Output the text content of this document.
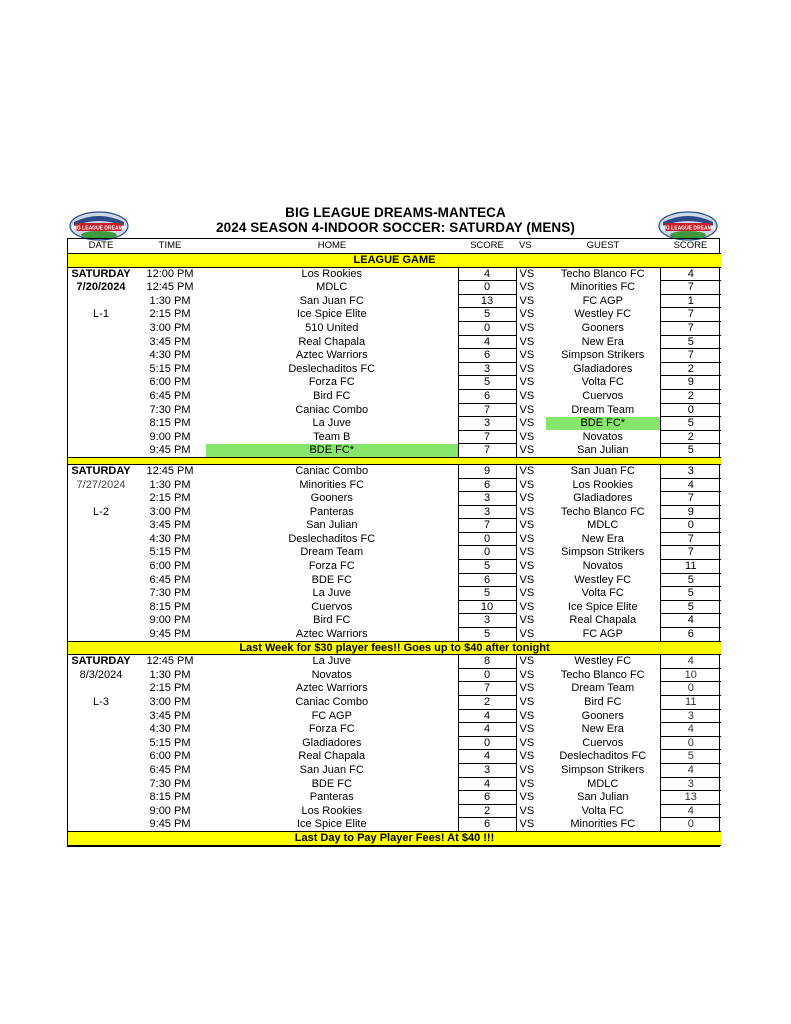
BIG LEAGUE DREAMS	BIG LEAGUE DREAMS
BIG LEAGUE DREAMS-MANTECA
2024 SEASON 4-INDOOR SOCCER: SATURDAY (MENS)
DATE	TIME	HOME	SCORE	VS	GUEST	SCORE
LEAGUE GAME						
SATURDAY	12:00 PM	Los Rookies	4	VS	Techo Blanco FC	4
7/20/2024	12:45 PM	MDLC	0	VS	Minorities FC	7
	1:30 PM	San Juan FC	13	VS	FC AGP	1
L-1	2:15 PM	Ice Spice Elite	5	VS	Westley FC	7
	3:00 PM	510 United	0	VS	Gooners	7
	3:45 PM	Real Chapala	4	VS	New Era	5
	4:30 PM	Aztec Warriors	6	VS	Simpson Strikers	7
	5:15 PM	Deslechaditos FC	3	VS	Gladiadores	2
	6:00 PM	Forza FC	5	VS	Volta FC	9
	6:45 PM	Bird FC	6	VS	Cuervos	2
	7:30 PM	Caniac Combo	7	VS	Dream Team	0
	8:15 PM	La Juve	3	VS	BDE FC*	5
	9:00 PM	Team B	7	VS	Novatos	2
	9:45 PM	BDE FC*	7	VS	San Julian	5

SATURDAY	12:45 PM	Caniac Combo	9	VS	San Juan FC	3
7/27/2024	1:30 PM	Minorities FC	6	VS	Los Rookies	4
	2:15 PM	Gooners	3	VS	Gladiadores	7
L-2	3:00 PM	Panteras	3	VS	Techo Blanco FC	9
	3:45 PM	San Julian	7	VS	MDLC	0
	4:30 PM	Deslechaditos FC	0	VS	New Era	7
	5:15 PM	Dream Team	0	VS	Simpson Strikers	7
	6:00 PM	Forza FC	5	VS	Novatos	11
	6:45 PM	BDE FC	6	VS	Westley FC	5
	7:30 PM	La Juve	5	VS	Volta FC	5
	8:15 PM	Cuervos	10	VS	Ice Spice Elite	5
	9:00 PM	Bird FC	3	VS	Real Chapala	4
	9:45 PM	Aztec Warriors	5	VS	FC AGP	6
Last Week for $30 player fees!! Goes up to $40 after tonight						
SATURDAY	12:45 PM	La Juve	8	VS	Westley FC	4
8/3/2024	1:30 PM	Novatos	0	VS	Techo Blanco FC	10
	2:15 PM	Aztec Warriors	7	VS	Dream Team	0
L-3	3:00 PM	Caniac Combo	2	VS	Bird FC	11
	3:45 PM	FC AGP	4	VS	Gooners	3
	4:30 PM	Forza FC	4	VS	New Era	4
	5:15 PM	Gladiadores	0	VS	Cuervos	0
	6:00 PM	Real Chapala	4	VS	Deslechaditos FC	5
	6:45 PM	San Juan FC	3	VS	Simpson Strikers	4
	7:30 PM	BDE FC	4	VS	MDLC	3
	8:15 PM	Panteras	6	VS	San Julian	13
	9:00 PM	Los Rookies	2	VS	Volta FC	4
	9:45 PM	Ice Spice Elite	6	VS	Minorities FC	0
Last Day to Pay Player Fees! At $40 !!!						
